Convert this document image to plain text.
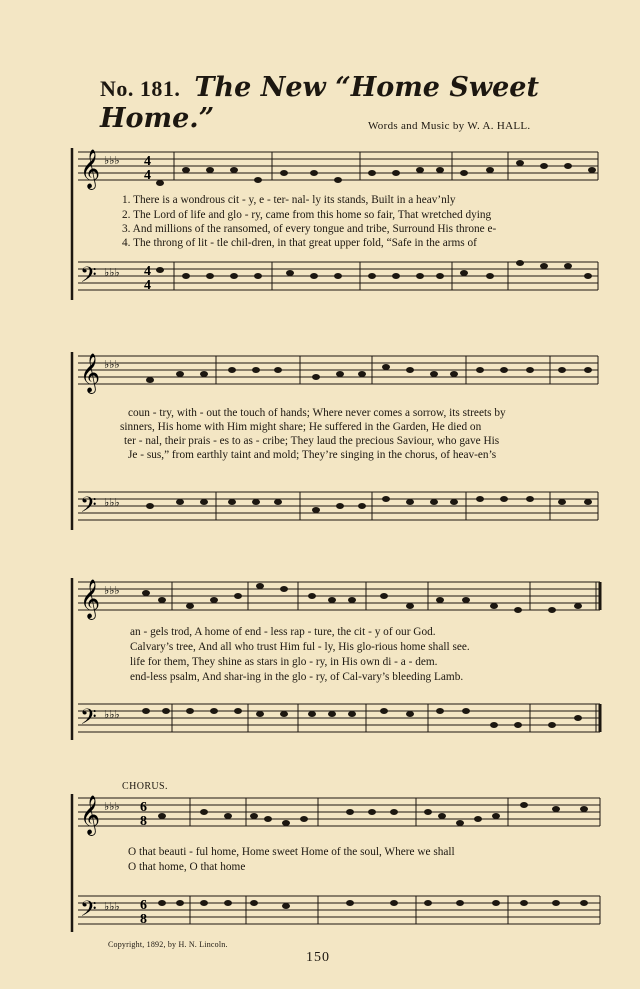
No. 181. The New “Home Sweet Home.”	Words and Music by W. A. HALL.
𝄞
𝄢
♭♭♭
♭♭♭
4
4
4
4
1. There is a wondrous cit - y, e - ter- nal- ly its stands, Built in a heav’nly
2. The Lord of life and glo - ry, came from this home so fair, That wretched dying
3. And millions of the ransomed, of every tongue and tribe, Surround His throne e-
4. The throng of lit - tle chil-dren, in that great upper fold, “Safe in the arms of
𝄞
𝄢
♭♭♭
♭♭♭
coun - try, with - out the touch of hands; Where never comes a sorrow, its streets by
sinners, His home with Him might share; He suffered in the Garden, He died on
ter - nal, their prais - es to as - cribe; They laud the precious Saviour, who gave His
Je - sus,” from earthly taint and mold; They’re singing in the chorus, of heav-en’s
𝄞
𝄢
♭♭♭
♭♭♭
an - gels trod, A home of end - less rap - ture, the cit - y of our God.
Calvary’s tree, And all who trust Him ful - ly, His glo-rious home shall see.
life for them, They shine as stars in glo - ry, in His own di - a - dem.
end-less psalm, And shar-ing in the glo - ry, of Cal-vary’s bleeding Lamb.
CHORUS.
𝄞
𝄢
♭♭♭
♭♭♭
6
8
6
8
O that beauti - ful home, Home sweet Home of the soul, Where we shall
O that home, O that home
Copyright, 1892, by H. N. Lincoln.
150
